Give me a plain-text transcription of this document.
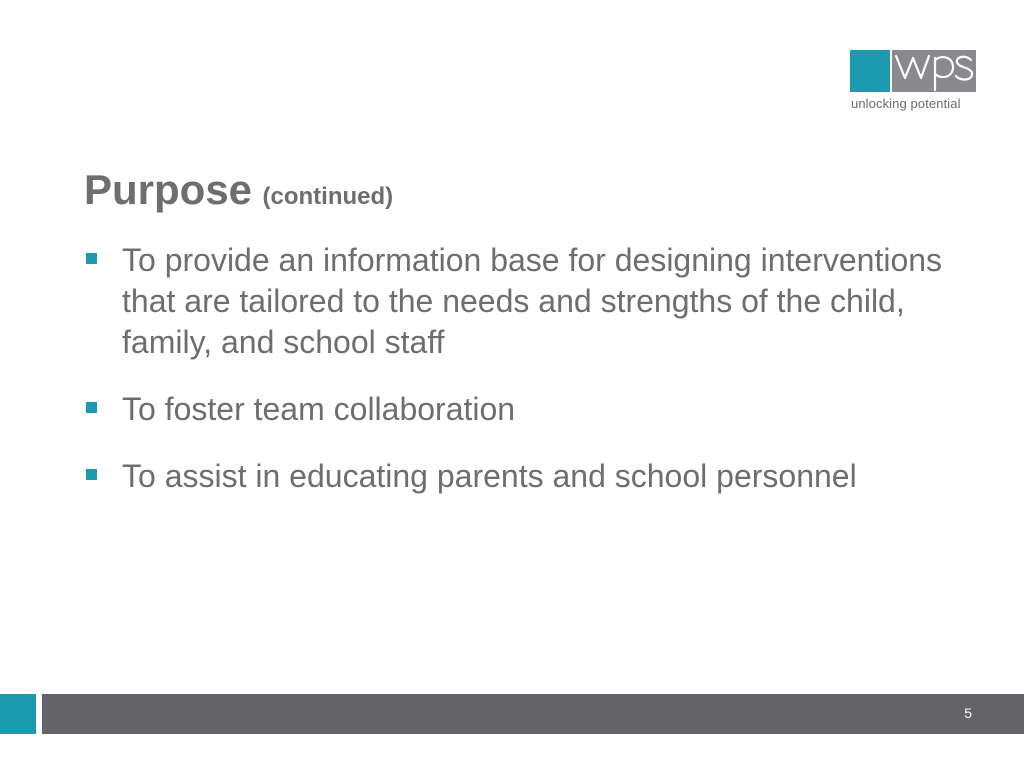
unlocking potential
Purpose (continued)
To provide an information base for designing interventions that are tailored to the needs and strengths of the child, family, and school staff
To foster team collaboration
To assist in educating parents and school personnel
5
